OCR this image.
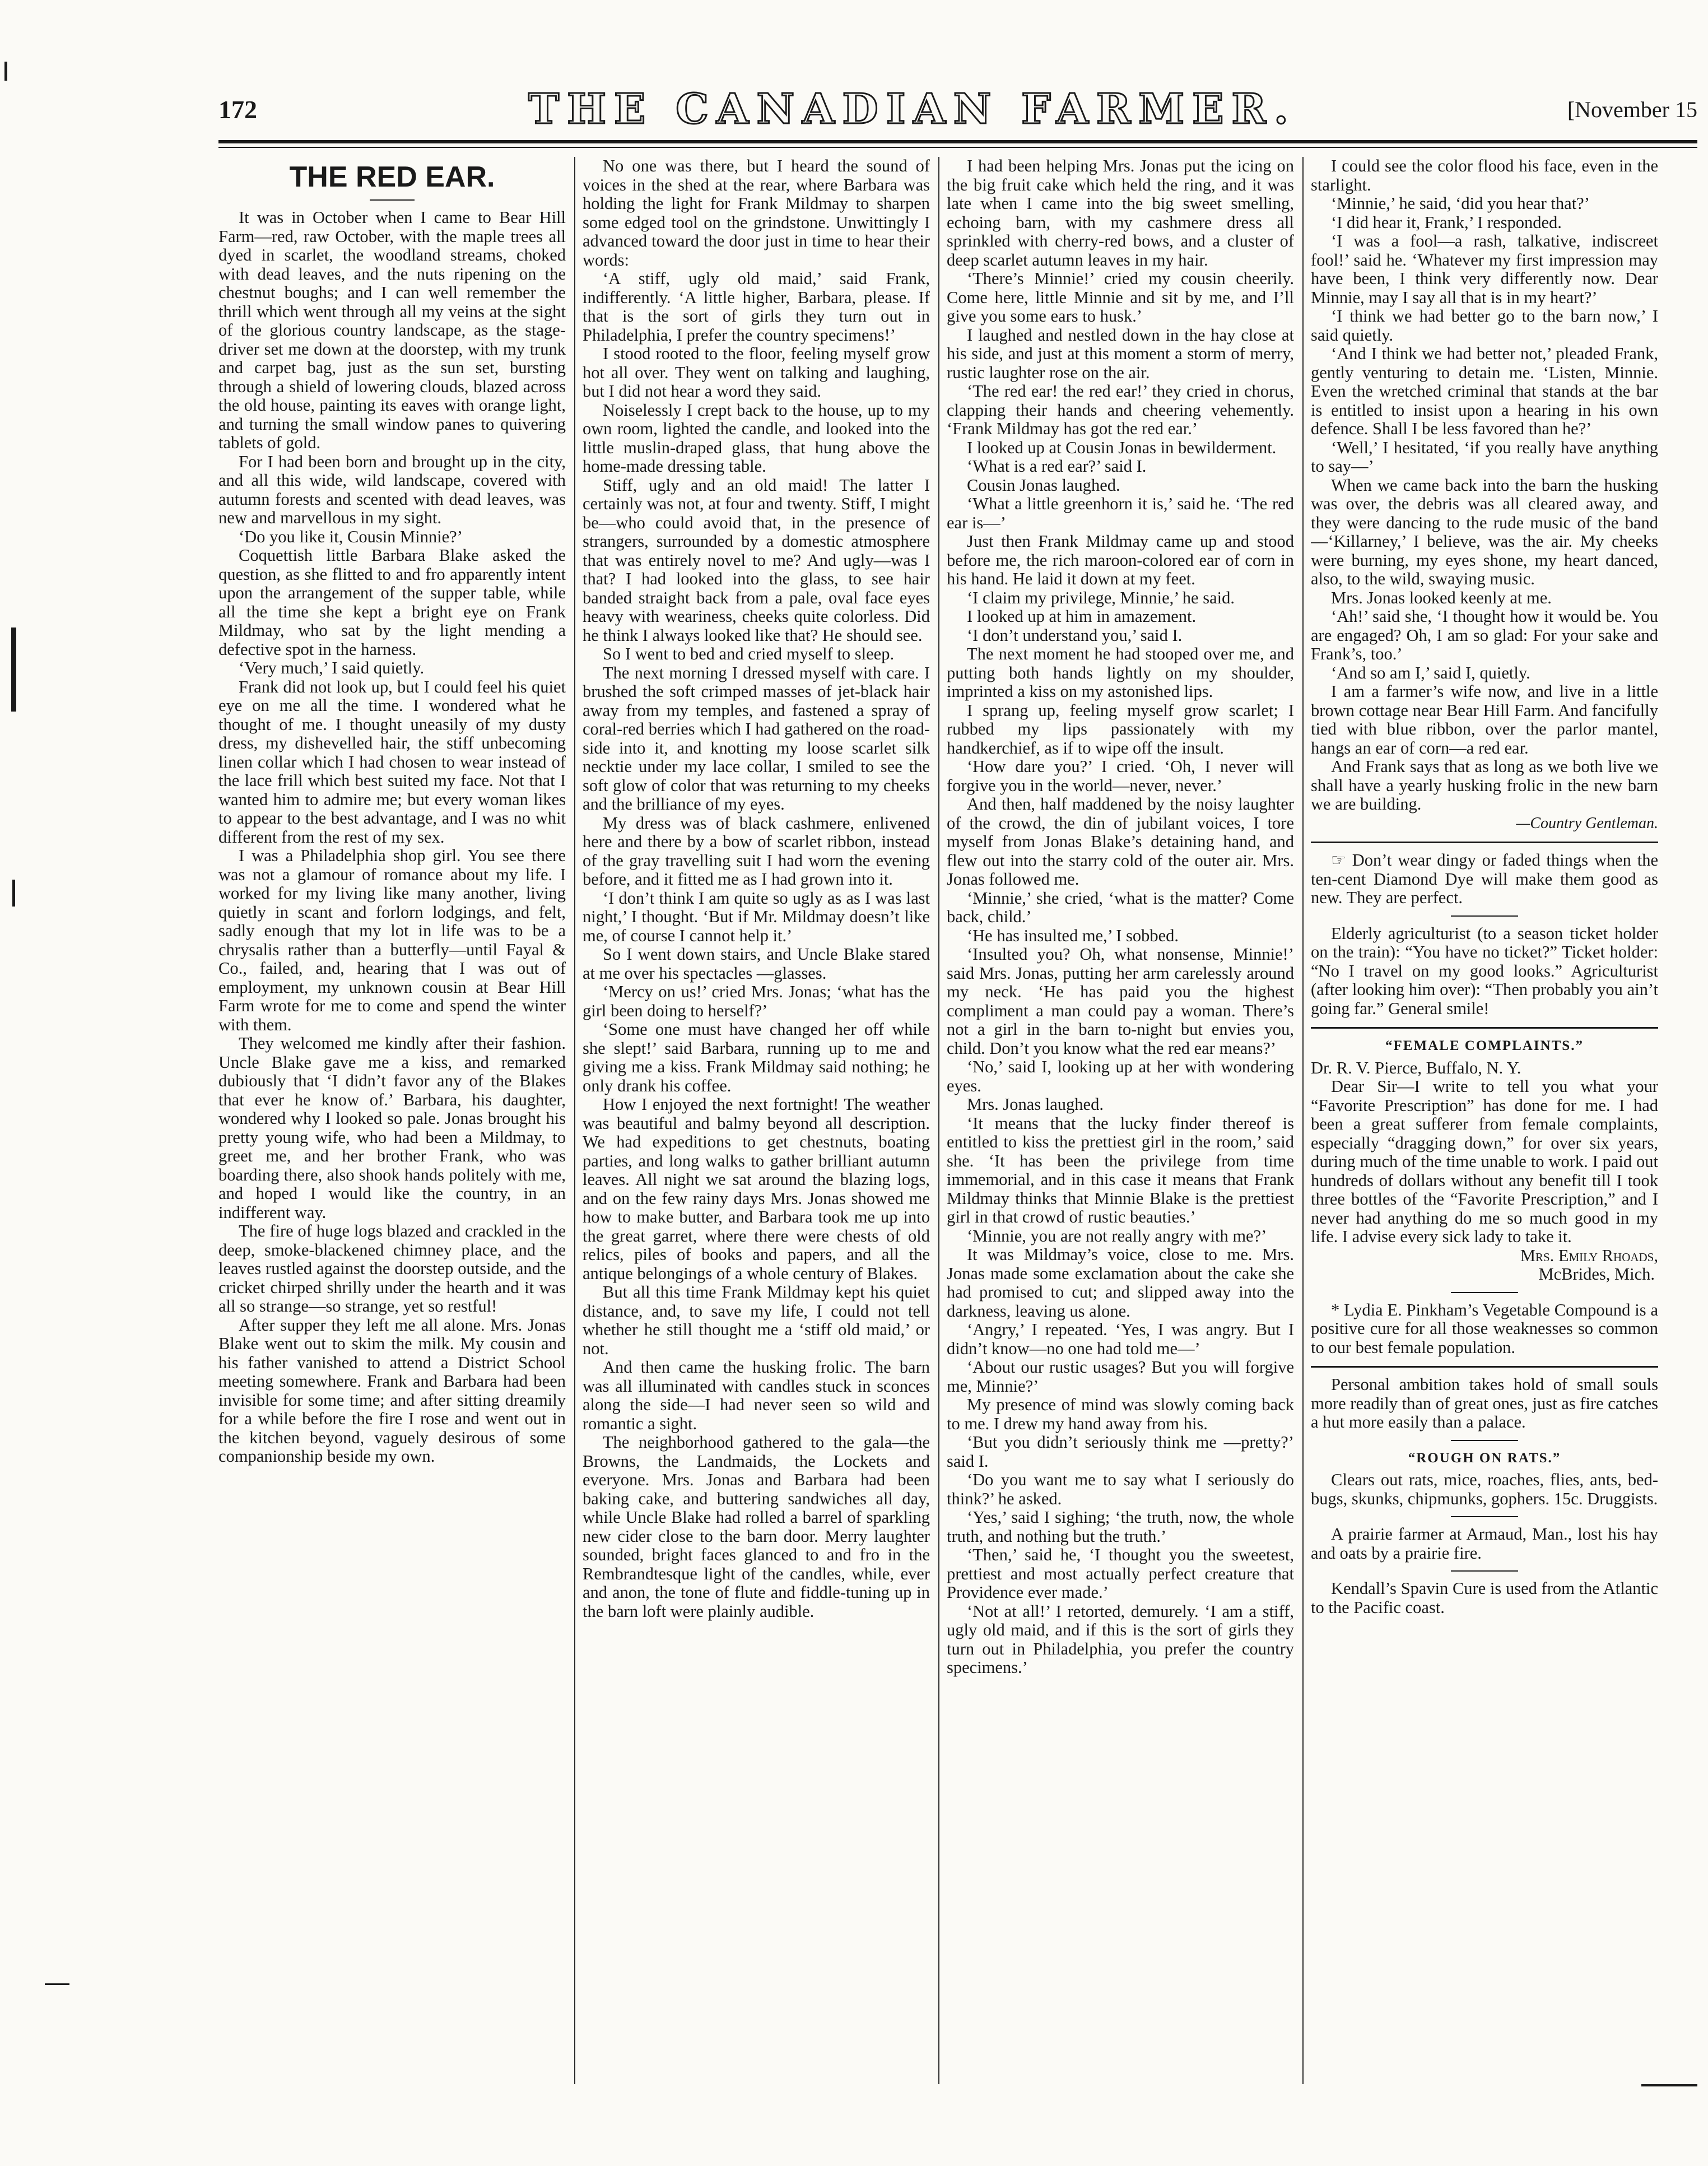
172	THE CANADIAN FARMER.	[November 15
THE RED EAR.

It was in October when I came to Bear Hill Farm—red, raw October, with the maple trees all dyed in scarlet, the woodland streams, choked with dead leaves, and the nuts ripening on the chestnut boughs; and I can well remember the thrill which went through all my veins at the sight of the glorious country landscape, as the stage-driver set me down at the doorstep, with my trunk and carpet bag, just as the sun set, bursting through a shield of lowering clouds, blazed across the old house, painting its eaves with orange light, and turning the small window panes to quivering tablets of gold.

For I had been born and brought up in the city, and all this wide, wild landscape, covered with autumn forests and scented with dead leaves, was new and marvellous in my sight.

‘Do you like it, Cousin Minnie?’

Coquettish little Barbara Blake asked the question, as she flitted to and fro apparently intent upon the arrangement of the supper table, while all the time she kept a bright eye on Frank Mildmay, who sat by the light mending a defective spot in the harness.

‘Very much,’ I said quietly.

Frank did not look up, but I could feel his quiet eye on me all the time. I wondered what he thought of me. I thought uneasily of my dusty dress, my dishevelled hair, the stiff unbecoming linen collar which I had chosen to wear instead of the lace frill which best suited my face. Not that I wanted him to admire me; but every woman likes to appear to the best advantage, and I was no whit different from the rest of my sex.

I was a Philadelphia shop girl. You see there was not a glamour of romance about my life. I worked for my living like many another, living quietly in scant and forlorn lodgings, and felt, sadly enough that my lot in life was to be a chrysalis rather than a butterfly—until Fayal & Co., failed, and, hearing that I was out of employment, my unknown cousin at Bear Hill Farm wrote for me to come and spend the winter with them.

They welcomed me kindly after their fashion. Uncle Blake gave me a kiss, and remarked dubiously that ‘I didn’t favor any of the Blakes that ever he know of.’ Barbara, his daughter, wondered why I looked so pale. Jonas brought his pretty young wife, who had been a Mildmay, to greet me, and her brother Frank, who was boarding there, also shook hands politely with me, and hoped I would like the country, in an indifferent way.

The fire of huge logs blazed and crackled in the deep, smoke-blackened chimney place, and the leaves rustled against the doorstep outside, and the cricket chirped shrilly under the hearth and it was all so strange—so strange, yet so restful!

After supper they left me all alone. Mrs. Jonas Blake went out to skim the milk. My cousin and his father vanished to attend a District School meeting somewhere. Frank and Barbara had been invisible for some time; and after sitting dreamily for a while before the fire I rose and went out in the kitchen beyond, vaguely desirous of some companionship beside my own.

No one was there, but I heard the sound of voices in the shed at the rear, where Barbara was holding the light for Frank Mildmay to sharpen some edged tool on the grindstone. Unwittingly I advanced toward the door just in time to hear their words:

‘A stiff, ugly old maid,’ said Frank, indifferently. ‘A little higher, Barbara, please. If that is the sort of girls they turn out in Philadelphia, I prefer the country specimens!’

I stood rooted to the floor, feeling myself grow hot all over. They went on talking and laughing, but I did not hear a word they said.

Noiselessly I crept back to the house, up to my own room, lighted the candle, and looked into the little muslin-draped glass, that hung above the home-made dressing table.

Stiff, ugly and an old maid! The latter I certainly was not, at four and twenty. Stiff, I might be—who could avoid that, in the presence of strangers, surrounded by a domestic atmosphere that was entirely novel to me? And ugly—was I that? I had looked into the glass, to see hair banded straight back from a pale, oval face eyes heavy with weariness, cheeks quite colorless. Did he think I always looked like that? He should see.

So I went to bed and cried myself to sleep.

The next morning I dressed myself with care. I brushed the soft crimped masses of jet-black hair away from my temples, and fastened a spray of coral-red berries which I had gathered on the road-side into it, and knotting my loose scarlet silk necktie under my lace collar, I smiled to see the soft glow of color that was returning to my cheeks and the brilliance of my eyes.

My dress was of black cashmere, enlivened here and there by a bow of scarlet ribbon, instead of the gray travelling suit I had worn the evening before, and it fitted me as I had grown into it.

‘I don’t think I am quite so ugly as as I was last night,’ I thought. ‘But if Mr. Mildmay doesn’t like me, of course I cannot help it.’

So I went down stairs, and Uncle Blake stared at me over his spectacles —glasses.

‘Mercy on us!’ cried Mrs. Jonas; ‘what has the girl been doing to herself?’

‘Some one must have changed her off while she slept!’ said Barbara, running up to me and giving me a kiss. Frank Mildmay said nothing; he only drank his coffee.

How I enjoyed the next fortnight! The weather was beautiful and balmy beyond all description. We had expeditions to get chestnuts, boating parties, and long walks to gather brilliant autumn leaves. All night we sat around the blazing logs, and on the few rainy days Mrs. Jonas showed me how to make butter, and Barbara took me up into the great garret, where there were chests of old relics, piles of books and papers, and all the antique belongings of a whole century of Blakes.

But all this time Frank Mildmay kept his quiet distance, and, to save my life, I could not tell whether he still thought me a ‘stiff old maid,’ or not.

And then came the husking frolic. The barn was all illuminated with candles stuck in sconces along the side—I had never seen so wild and romantic a sight.

The neighborhood gathered to the gala—the Browns, the Landmaids, the Lockets and everyone. Mrs. Jonas and Barbara had been baking cake, and buttering sandwiches all day, while Uncle Blake had rolled a barrel of sparkling new cider close to the barn door. Merry laughter sounded, bright faces glanced to and fro in the Rembrandtesque light of the candles, while, ever and anon, the tone of flute and fiddle-tuning up in the barn loft were plainly audible.

I had been helping Mrs. Jonas put the icing on the big fruit cake which held the ring, and it was late when I came into the big sweet smelling, echoing barn, with my cashmere dress all sprinkled with cherry-red bows, and a cluster of deep scarlet autumn leaves in my hair.

‘There’s Minnie!’ cried my cousin cheerily. Come here, little Minnie and sit by me, and I’ll give you some ears to husk.’

I laughed and nestled down in the hay close at his side, and just at this moment a storm of merry, rustic laughter rose on the air.

‘The red ear! the red ear!’ they cried in chorus, clapping their hands and cheering vehemently. ‘Frank Mildmay has got the red ear.’

I looked up at Cousin Jonas in bewilderment.

‘What is a red ear?’ said I.

Cousin Jonas laughed.

‘What a little greenhorn it is,’ said he. ‘The red ear is—’

Just then Frank Mildmay came up and stood before me, the rich maroon-colored ear of corn in his hand. He laid it down at my feet.

‘I claim my privilege, Minnie,’ he said.

I looked up at him in amazement.

‘I don’t understand you,’ said I.

The next moment he had stooped over me, and putting both hands lightly on my shoulder, imprinted a kiss on my astonished lips.

I sprang up, feeling myself grow scarlet; I rubbed my lips passionately with my handkerchief, as if to wipe off the insult.

‘How dare you?’ I cried. ‘Oh, I never will forgive you in the world—never, never.’

And then, half maddened by the noisy laughter of the crowd, the din of jubilant voices, I tore myself from Jonas Blake’s detaining hand, and flew out into the starry cold of the outer air. Mrs. Jonas followed me.

‘Minnie,’ she cried, ‘what is the matter? Come back, child.’

‘He has insulted me,’ I sobbed.

‘Insulted you? Oh, what nonsense, Minnie!’ said Mrs. Jonas, putting her arm carelessly around my neck. ‘He has paid you the highest compliment a man could pay a woman. There’s not a girl in the barn to-night but envies you, child. Don’t you know what the red ear means?’

‘No,’ said I, looking up at her with wondering eyes.

Mrs. Jonas laughed.

‘It means that the lucky finder thereof is entitled to kiss the prettiest girl in the room,’ said she. ‘It has been the privilege from time immemorial, and in this case it means that Frank Mildmay thinks that Minnie Blake is the prettiest girl in that crowd of rustic beauties.’

‘Minnie, you are not really angry with me?’

It was Mildmay’s voice, close to me. Mrs. Jonas made some exclamation about the cake she had promised to cut; and slipped away into the darkness, leaving us alone.

‘Angry,’ I repeated. ‘Yes, I was angry. But I didn’t know—no one had told me—’

‘About our rustic usages? But you will forgive me, Minnie?’

My presence of mind was slowly coming back to me. I drew my hand away from his.

‘But you didn’t seriously think me —pretty?’ said I.

‘Do you want me to say what I seriously do think?’ he asked.

‘Yes,’ said I sighing; ‘the truth, now, the whole truth, and nothing but the truth.’

‘Then,’ said he, ‘I thought you the sweetest, prettiest and most actually perfect creature that Providence ever made.’

‘Not at all!’ I retorted, demurely. ‘I am a stiff, ugly old maid, and if this is the sort of girls they turn out in Philadelphia, you prefer the country specimens.’

I could see the color flood his face, even in the starlight.

‘Minnie,’ he said, ‘did you hear that?’

‘I did hear it, Frank,’ I responded.

‘I was a fool—a rash, talkative, indiscreet fool!’ said he. ‘Whatever my first impression may have been, I think very differently now. Dear Minnie, may I say all that is in my heart?’

‘I think we had better go to the barn now,’ I said quietly.

‘And I think we had better not,’ pleaded Frank, gently venturing to detain me. ‘Listen, Minnie. Even the wretched criminal that stands at the bar is entitled to insist upon a hearing in his own defence. Shall I be less favored than he?’

‘Well,’ I hesitated, ‘if you really have anything to say—’

When we came back into the barn the husking was over, the debris was all cleared away, and they were dancing to the rude music of the band—‘Killarney,’ I believe, was the air. My cheeks were burning, my eyes shone, my heart danced, also, to the wild, swaying music.

Mrs. Jonas looked keenly at me.

‘Ah!’ said she, ‘I thought how it would be. You are engaged? Oh, I am so glad: For your sake and Frank’s, too.’

‘And so am I,’ said I, quietly.

I am a farmer’s wife now, and live in a little brown cottage near Bear Hill Farm. And fancifully tied with blue ribbon, over the parlor mantel, hangs an ear of corn—a red ear.

And Frank says that as long as we both live we shall have a yearly husking frolic in the new barn we are building.

—Country Gentleman.

☞ Don’t wear dingy or faded things when the ten-cent Diamond Dye will make them good as new. They are perfect.

Elderly agriculturist (to a season ticket holder on the train): “You have no ticket?” Ticket holder: “No I travel on my good looks.” Agriculturist (after looking him over): “Then probably you ain’t going far.” General smile!

“FEMALE COMPLAINTS.”

Dr. R. V. Pierce, Buffalo, N. Y.

Dear Sir—I write to tell you what your “Favorite Prescription” has done for me. I had been a great sufferer from female complaints, especially “dragging down,” for over six years, during much of the time unable to work. I paid out hundreds of dollars without any benefit till I took three bottles of the “Favorite Prescription,” and I never had anything do me so much good in my life. I advise every sick lady to take it.

Mrs. Emily Rhoads,

McBrides, Mich.

* Lydia E. Pinkham’s Vegetable Compound is a positive cure for all those weaknesses so common to our best female population.

Personal ambition takes hold of small souls more readily than of great ones, just as fire catches a hut more easily than a palace.

“ROUGH ON RATS.”

Clears out rats, mice, roaches, flies, ants, bed-bugs, skunks, chipmunks, gophers. 15c. Druggists.

A prairie farmer at Armaud, Man., lost his hay and oats by a prairie fire.

Kendall’s Spavin Cure is used from the Atlantic to the Pacific coast.
